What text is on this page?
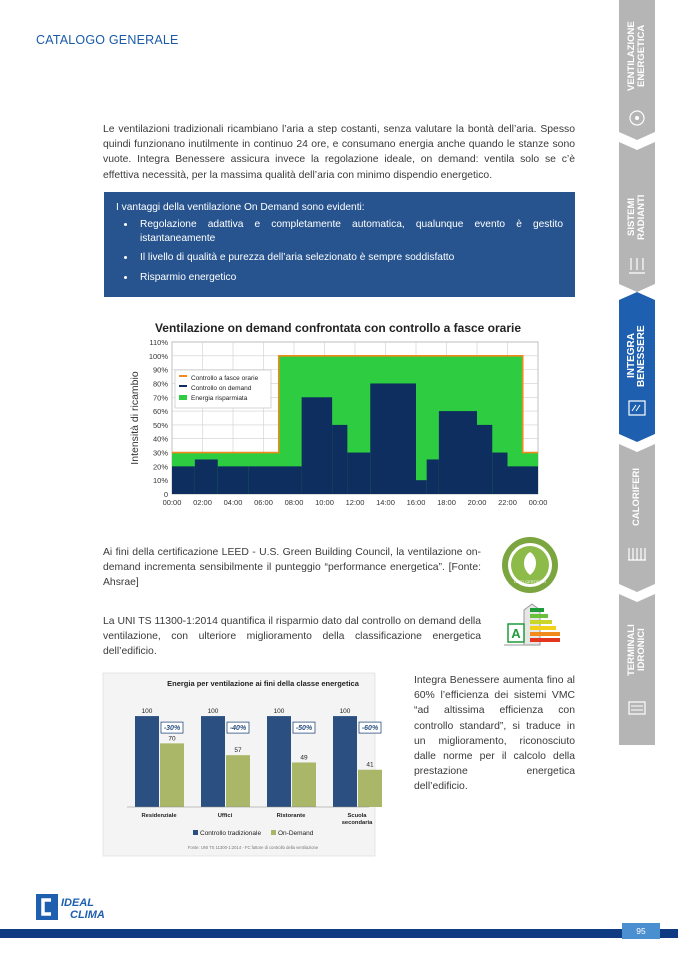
CATALOGO GENERALE
Le ventilazioni tradizionali ricambiano l’aria a step costanti, senza valutare la bontà dell’aria. Spesso quindi funzionano inutilmente in continuo 24 ore, e consumano energia anche quando le stanze sono vuote. Integra Benessere assicura invece la regolazione ideale, on demand: ventila solo se c’è effettiva necessità, per la massima qualità dell’aria con minimo dispendio energetico.
I vantaggi della ventilazione On Demand sono evidenti:
• Regolazione adattiva e completamente automatica, qualunque evento è gestito istantaneamente
• Il livello di qualità e purezza dell’aria selezionato è sempre soddisfatto
• Risparmio energetico
Ventilazione on demand confrontata con controllo a fasce orarie
0
10%
20%
30%
40%
50%
60%
70%
80%
90%
100%
110%
00:00 02:00 04:00 06:00 08:00 10:00 12:00 14:00 16:00 18:00 20:00 22:00 00:00
Controllo a fasce orarie
Controllo on demand
Energia risparmiata
Intensità di ricambio
Ai fini della certificazione LEED - U.S. Green Building Council, la ventilazione on-demand incrementa sensibilmente il punteggio “performance energetica”. [Fonte: Ahsrae]	LEED CERTIFIED
La UNI TS 11300-1:2014 quantifica il risparmio dato dal controllo on demand della ventilazione, con ulteriore miglioramento della classificazione energetica dell’edificio.
A
Energia per ventilazione ai fini della classe energetica
100
70
-30%
Residenziale
100
57
-40%
Uffici
100
49
-50%
Ristorante
100
41
-60%
Scuola
secondaria
Controllo tradizionale	On-Demand
Fonte: UNI TS 11300-1:2014 - FC fattore di controllo della ventilazione
Integra Benessere aumenta fino al 60% l’efficienza dei sistemi VMC “ad altissima efficienza con controllo standard”, si traduce in un miglioramento, riconosciuto dalle norme per il calcolo della prestazione energetica dell’edificio.
VENTILAZIONE ENERGETICA
SISTEMI RADIANTI
INTEGRA BENESSERE
CALORIFERI
TERMINALI IDRONICI
IDEAL
CLIMA
95
